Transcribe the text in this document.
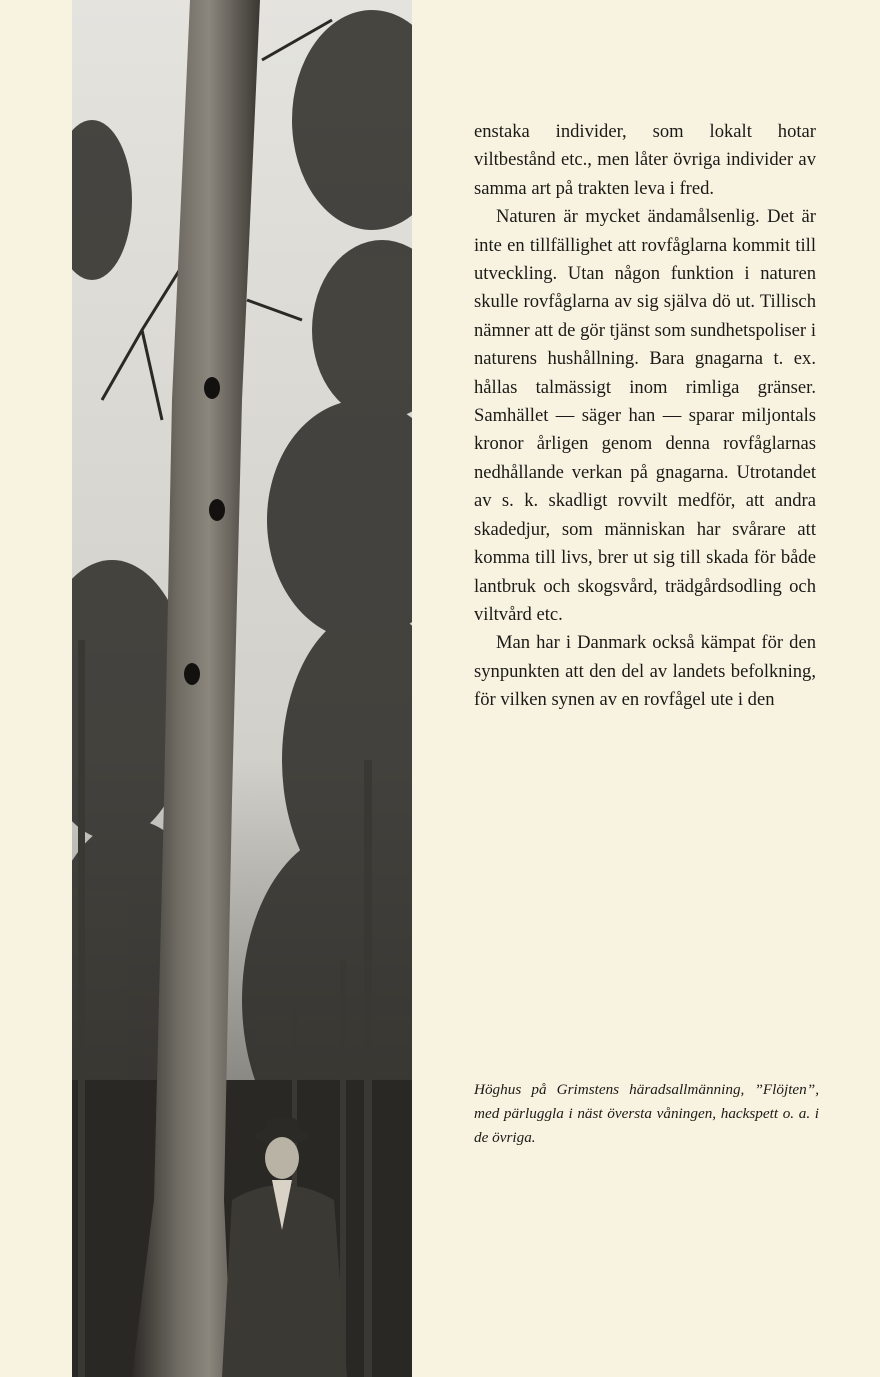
enstaka individer, som lokalt hotar viltbestånd etc., men låter övriga individer av samma art på trakten leva i fred.

Naturen är mycket ändamålsenlig. Det är inte en tillfällighet att rovfåglarna kommit till utveckling. Utan någon funktion i naturen skulle rovfåglarna av sig själva dö ut. Tillisch nämner att de gör tjänst som sundhetspoliser i naturens hushållning. Bara gnagarna t. ex. hållas talmässigt inom rimliga gränser. Samhället — säger han — sparar miljontals kronor årligen genom denna rovfåglarnas nedhållande verkan på gnagarna. Utrotandet av s. k. skadligt rovvilt medför, att andra skadedjur, som människan har svårare att komma till livs, brer ut sig till skada för både lantbruk och skogsvård, trädgårdsodling och viltvård etc.

Man har i Danmark också kämpat för den synpunkten att den del av landets befolkning, för vilken synen av en rovfågel ute i den

Höghus på Grimstens häradsallmänning, ”Flöjten”, med pärluggla i näst översta våningen, hackspett o. a. i de övriga.
